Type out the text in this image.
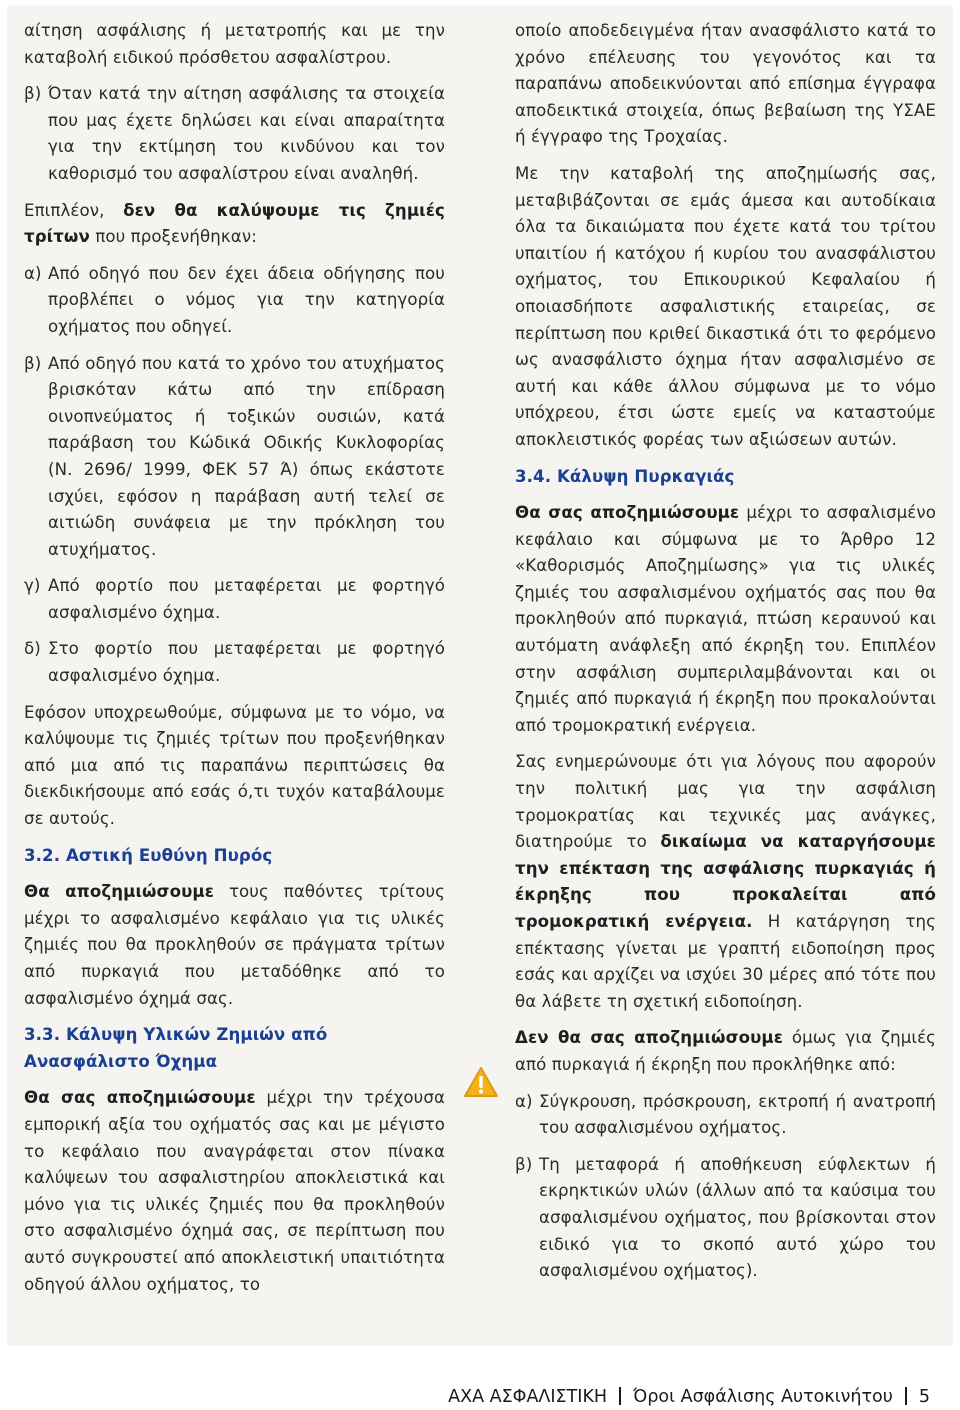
αίτηση ασφάλισης ή μετατροπής και με την καταβολή ειδικού πρόσθετου ασφαλίστρου.

β) Όταν κατά την αίτηση ασφάλισης τα στοιχεία που μας έχετε δηλώσει και είναι απαραίτητα για την εκτίμηση του κινδύνου και τον καθορισμό του ασφαλίστρου είναι αναληθή.

Επιπλέον, δεν θα καλύψουμε τις ζημιές τρίτων που προξενήθηκαν:

α) Από οδηγό που δεν έχει άδεια οδήγησης που προβλέπει ο νόμος για την κατηγορία οχήματος που οδηγεί.
β) Από οδηγό που κατά το χρόνο του ατυχήματος βρισκόταν κάτω από την επίδραση οινοπνεύματος ή τοξικών ουσιών, κατά παράβαση του Κώδικά Οδικής Κυκλοφορίας (Ν. 2696/ 1999, ΦΕΚ 57 Ά) όπως εκάστοτε ισχύει, εφόσον η παράβαση αυτή τελεί σε αιτιώδη συνάφεια με την πρόκληση του ατυχήματος.
γ) Από φορτίο που μεταφέρεται με φορτηγό ασφαλισμένο όχημα.
δ) Στο φορτίο που μεταφέρεται με φορτηγό ασφαλισμένο όχημα.

Εφόσον υποχρεωθούμε, σύμφωνα με το νόμο, να καλύψουμε τις ζημιές τρίτων που προξενήθηκαν από μια από τις παραπάνω περιπτώσεις θα διεκδικήσουμε από εσάς ό,τι τυχόν καταβάλουμε σε αυτούς.

3.2. Αστική Ευθύνη Πυρός

Θα αποζημιώσουμε τους παθόντες τρίτους μέχρι το ασφαλισμένο κεφάλαιο για τις υλικές ζημιές που θα προκληθούν σε πράγματα τρίτων από πυρκαγιά που μεταδόθηκε από το ασφαλισμένο όχημά σας.

3.3. Κάλυψη Υλικών Ζημιών από Ανασφάλιστο Όχημα

Θα σας αποζημιώσουμε μέχρι την τρέχουσα εμπορική αξία του οχήματός σας και με μέγιστο το κεφάλαιο που αναγράφεται στον πίνακα καλύψεων του ασφαλιστηρίου αποκλειστικά και μόνο για τις υλικές ζημιές που θα προκληθούν στο ασφαλισμένο όχημά σας, σε περίπτωση που αυτό συγκρουστεί από αποκλειστική υπαιτιότητα οδηγού άλλου οχήματος, το

οποίο αποδεδειγμένα ήταν ανασφάλιστο κατά το χρόνο επέλευσης του γεγονότος και τα παραπάνω αποδεικνύονται από επίσημα έγγραφα αποδεικτικά στοιχεία, όπως βεβαίωση της ΥΣΑΕ ή έγγραφο της Τροχαίας.

Με την καταβολή της αποζημίωσής σας, μεταβιβάζονται σε εμάς άμεσα και αυτοδίκαια όλα τα δικαιώματα που έχετε κατά του τρίτου υπαιτίου ή κατόχου ή κυρίου του ανασφάλιστου οχήματος, του Επικουρικού Κεφαλαίου ή οποιασδήποτε ασφαλιστικής εταιρείας, σε περίπτωση που κριθεί δικαστικά ότι το φερόμενο ως ανασφάλιστο όχημα ήταν ασφαλισμένο σε αυτή και κάθε άλλου σύμφωνα με το νόμο υπόχρεου, έτσι ώστε εμείς να καταστούμε αποκλειστικός φορέας των αξιώσεων αυτών.

3.4. Κάλυψη Πυρκαγιάς

Θα σας αποζημιώσουμε μέχρι το ασφαλισμένο κεφάλαιο και σύμφωνα με το Άρθρο 12 «Καθορισμός Αποζημίωσης» για τις υλικές ζημιές του ασφαλισμένου οχήματός σας που θα προκληθούν από πυρκαγιά, πτώση κεραυνού και αυτόματη ανάφλεξη από έκρηξη του. Επιπλέον στην ασφάλιση συμπεριλαμβάνονται και οι ζημιές από πυρκαγιά ή έκρηξη που προκαλούνται από τρομοκρατική ενέργεια.

Σας ενημερώνουμε ότι για λόγους που αφορούν την πολιτική μας για την ασφάλιση τρομοκρατίας και τεχνικές μας ανάγκες, διατηρούμε το δικαίωμα να καταργήσουμε την επέκταση της ασφάλισης πυρκαγιάς ή έκρηξης που προκαλείται από τρομοκρατική ενέργεια. Η κατάργηση της επέκτασης γίνεται με γραπτή ειδοποίηση προς εσάς και αρχίζει να ισχύει 30 μέρες από τότε που θα λάβετε τη σχετική ειδοποίηση.

Δεν θα σας αποζημιώσουμε όμως για ζημιές από πυρκαγιά ή έκρηξη που προκλήθηκε από:

α) Σύγκρουση, πρόσκρουση, εκτροπή ή ανατροπή του ασφαλισμένου οχήματος.
β) Τη μεταφορά ή αποθήκευση εύφλεκτων ή εκρηκτικών υλών (άλλων από τα καύσιμα του ασφαλισμένου οχήματος, που βρίσκονται στον ειδικό για το σκοπό αυτό χώρο του ασφαλισμένου οχήματος).
ΑΧΑ ΑΣΦΑΛΙΣΤΙΚΗ Όροι Ασφάλισης Αυτοκινήτου 5
